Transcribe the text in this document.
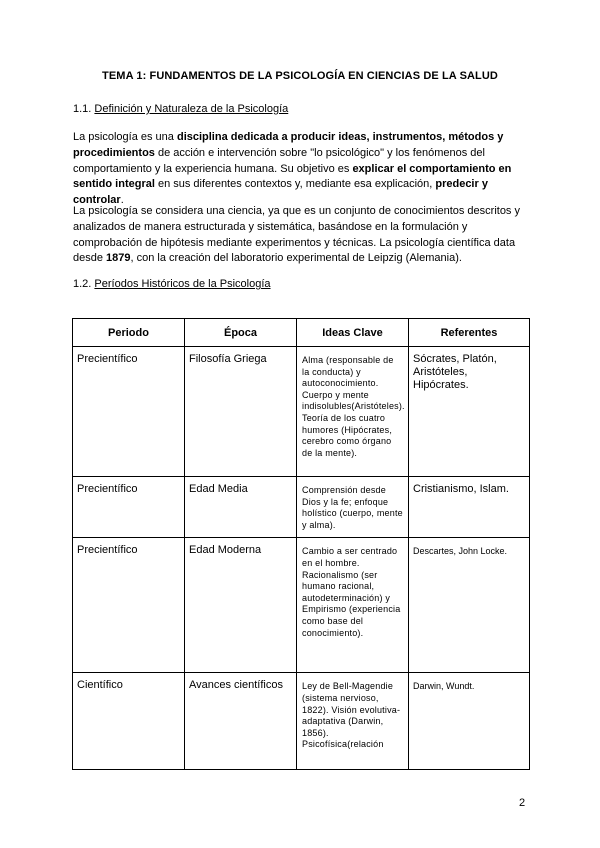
TEMA 1: FUNDAMENTOS DE LA PSICOLOGÍA EN CIENCIAS DE LA SALUD
1.1. Definición y Naturaleza de la Psicología
La psicología es una disciplina dedicada a producir ideas, instrumentos, métodos y procedimientos de acción e intervención sobre "lo psicológico" y los fenómenos del comportamiento y la experiencia humana. Su objetivo es explicar el comportamiento en sentido integral en sus diferentes contextos y, mediante esa explicación, predecir y controlar.
La psicología se considera una ciencia, ya que es un conjunto de conocimientos descritos y analizados de manera estructurada y sistemática, basándose en la formulación y comprobación de hipótesis mediante experimentos y técnicas. La psicología científica data desde 1879, con la creación del laboratorio experimental de Leipzig (Alemania).
1.2. Períodos Históricos de la Psicología
Periodo	Época	Ideas Clave	Referentes
Precientífico	Filosofía Griega	Alma (responsable de la conducta) y autoconocimiento. Cuerpo y mente indisolubles(Aristóteles). Teoría de los cuatro humores (Hipócrates, cerebro como órgano de la mente).	Sócrates, Platón, Aristóteles, Hipócrates.
Precientífico	Edad Media	Comprensión desde Dios y la fe; enfoque holístico (cuerpo, mente y alma).	Cristianismo, Islam.
Precientífico	Edad Moderna	Cambio a ser centrado en el hombre. Racionalismo (ser humano racional, autodeterminación) y Empirismo (experiencia como base del conocimiento).	Descartes, John Locke.
Científico	Avances científicos	Ley de Bell-Magendie (sistema nervioso, 1822). Visión evolutiva-adaptativa (Darwin, 1856). Psicofísica(relación	Darwin, Wundt.
2
